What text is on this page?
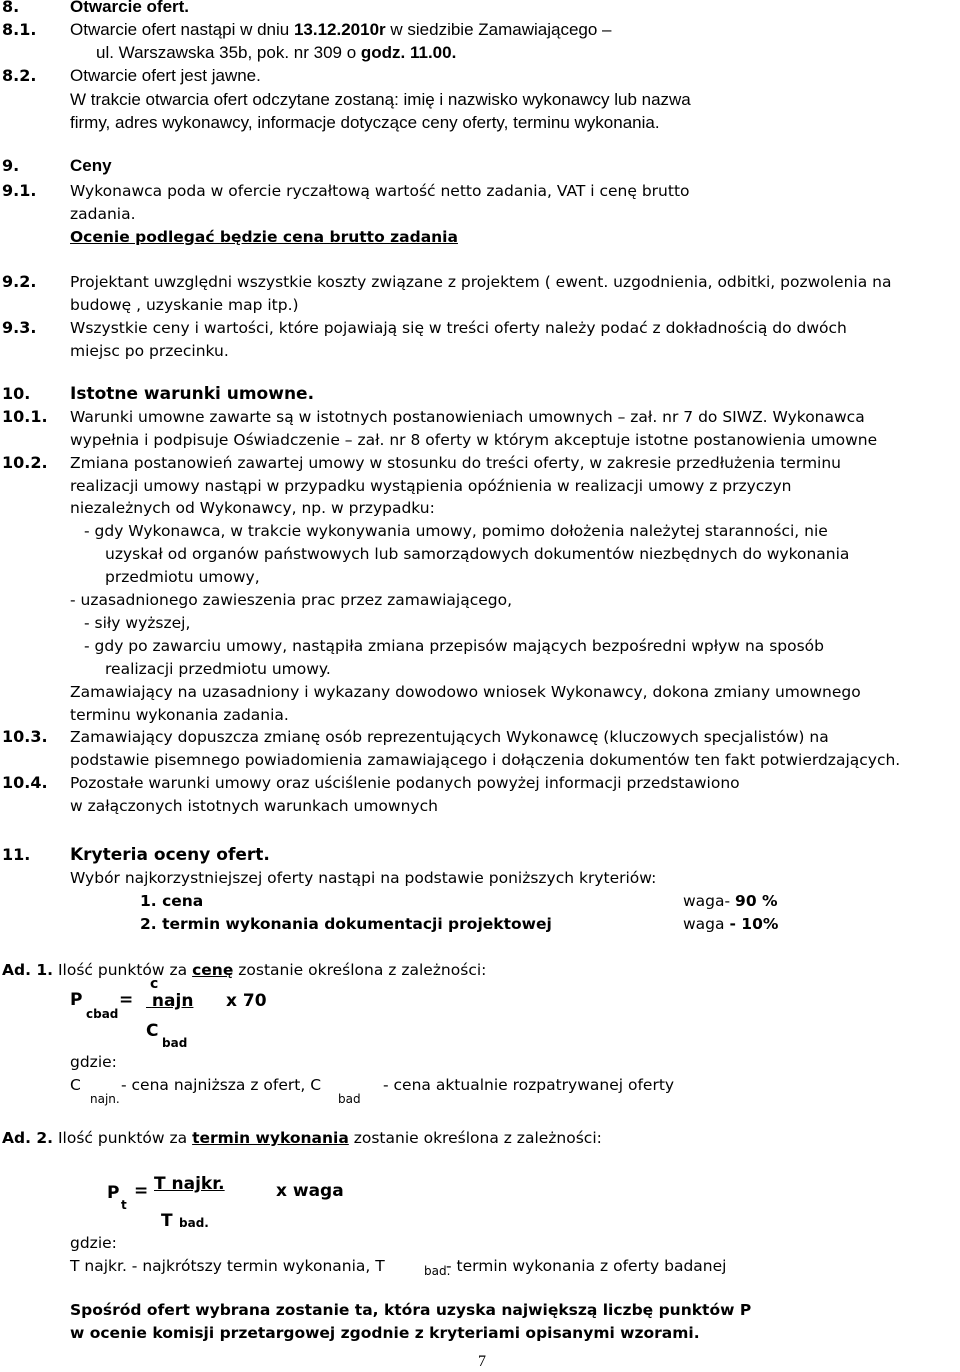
8.	Otwarcie ofert.
8.1. Otwarcie ofert nastąpi w dniu 13.12.2010r w siedzibie Zamawiającego –
ul. Warszawska 35b, pok. nr 309 o godz. 11.00.
8.2. Otwarcie ofert jest jawne.
W trakcie otwarcia ofert odczytane zostaną: imię i nazwisko wykonawcy lub nazwa
firmy, adres wykonawcy, informacje dotyczące ceny oferty, terminu wykonania.
9.	Ceny
9.1. Wykonawca poda w ofercie ryczałtową wartość netto zadania, VAT i cenę brutto
zadania.
Ocenie podlegać będzie cena brutto zadania
9.2. Projektant uwzględni wszystkie koszty związane z projektem ( ewent. uzgodnienia, odbitki, pozwolenia na
budowę , uzyskanie map itp.)
9.3. Wszystkie ceny i wartości, które pojawiają się w treści oferty należy podać z dokładnością do dwóch
miejsc po przecinku.
10. Istotne warunki umowne.
10.1. Warunki umowne zawarte są w istotnych postanowieniach umownych – zał. nr 7 do SIWZ. Wykonawca
wypełnia i podpisuje Oświadczenie – zał. nr 8 oferty w którym akceptuje istotne postanowienia umowne
10.2. Zmiana postanowień zawartej umowy w stosunku do treści oferty, w zakresie przedłużenia terminu
realizacji umowy nastąpi w przypadku wystąpienia opóźnienia w realizacji umowy z przyczyn
niezależnych od Wykonawcy, np. w przypadku:
- gdy Wykonawca, w trakcie wykonywania umowy, pomimo dołożenia należytej staranności, nie
uzyskał od organów państwowych lub samorządowych dokumentów niezbędnych do wykonania
przedmiotu umowy,
- uzasadnionego zawieszenia prac przez zamawiającego,
- siły wyższej,
- gdy po zawarciu umowy, nastąpiła zmiana przepisów mających bezpośredni wpływ na sposób
realizacji przedmiotu umowy.
Zamawiający na uzasadniony i wykazany dowodowo wniosek Wykonawcy, dokona zmiany umownego
terminu wykonania zadania.
10.3. Zamawiający dopuszcza zmianę osób reprezentujących Wykonawcę (kluczowych specjalistów) na
podstawie pisemnego powiadomienia zamawiającego i dołączenia dokumentów ten fakt potwierdzających.
10.4. Pozostałe warunki umowy oraz uściślenie podanych powyżej informacji przedstawiono
w załączonych istotnych warunkach umownych
11. Kryteria oceny ofert.
Wybór najkorzystniejszej oferty nastąpi na podstawie poniższych kryteriów:
1. cena	waga- 90 %
2. termin wykonania dokumentacji projektowej	waga - 10%
Ad. 1. Ilość punktów za cenę zostanie określona z zależności:
P
cbad
=
c
najn x 70
C
bad
gdzie:
C
najn.
- cena najniższa z ofert, C
bad
- cena aktualnie rozpatrywanej oferty
Ad. 2. Ilość punktów za termin wykonania zostanie określona z zależności:
P
t
= T najkr.	x waga
T bad.
gdzie:
T najkr. - najkrótszy termin wykonania, T	bad.
- termin wykonania z oferty badanej
Spośród ofert wybrana zostanie ta, która uzyska największą liczbę punktów P
w ocenie komisji przetargowej zgodnie z kryteriami opisanymi wzorami.
7
